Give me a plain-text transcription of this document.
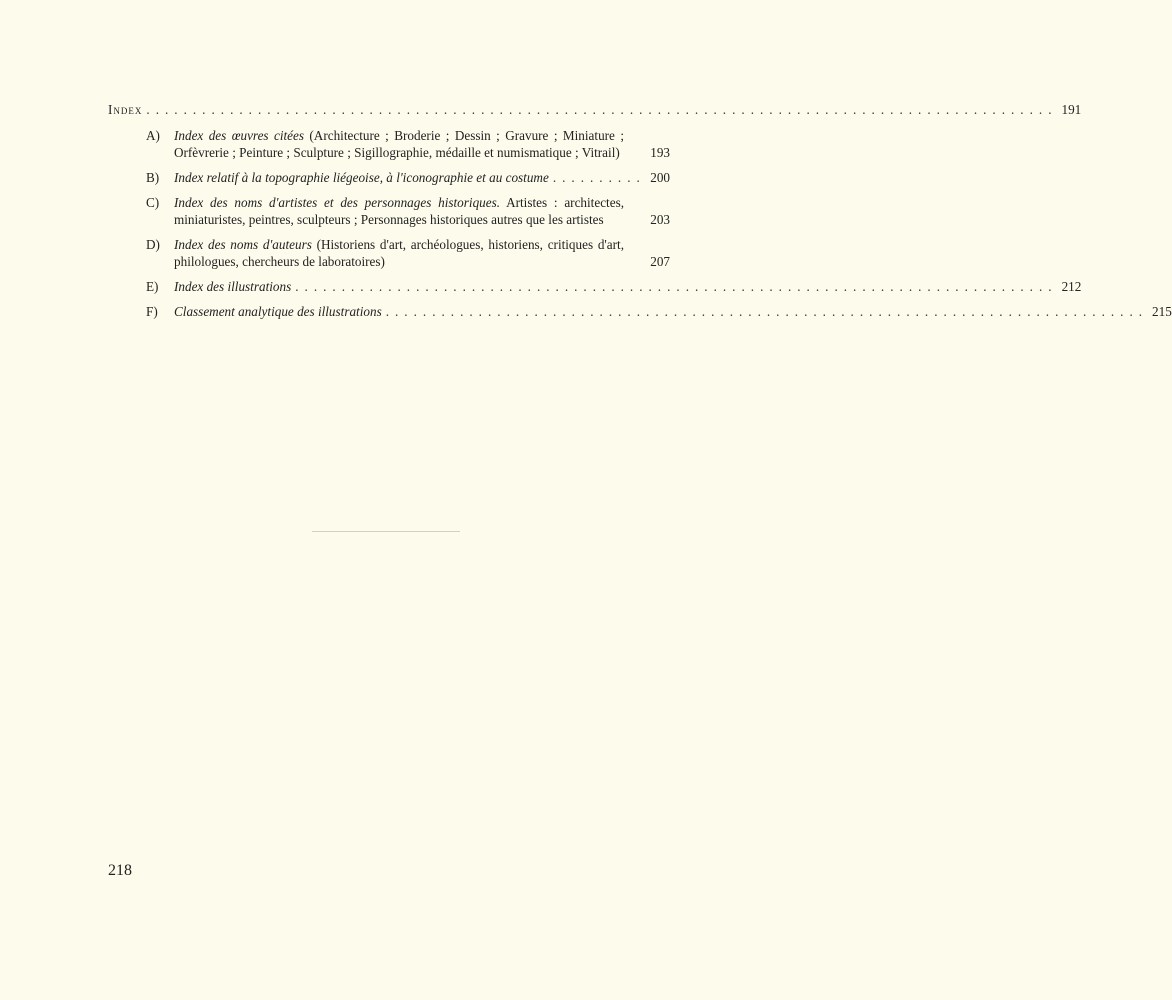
Index .................................................................................................. 191
A) Index des œuvres citées (Architecture ; Broderie ; Dessin ; Gravure ; Miniature ; Orfèvrerie ; Peinture ; Sculpture ; Sigillographie, médaille et numismatique ; Vitrail)	193
B) Index relatif à la topographie liégeoise, à l'iconographie et au costume .......... 200
C) Index des noms d'artistes et des personnages historiques. Artistes : architectes, miniaturistes, peintres, sculpteurs ; Personnages historiques autres que les artistes	203
D) Index des noms d'auteurs (Historiens d'art, archéologues, historiens, critiques d'art, philologues, chercheurs de laboratoires)	207
E) Index des illustrations .................................................................................. 212
F) Classement analytique des illustrations .................................................................................. 215
218
